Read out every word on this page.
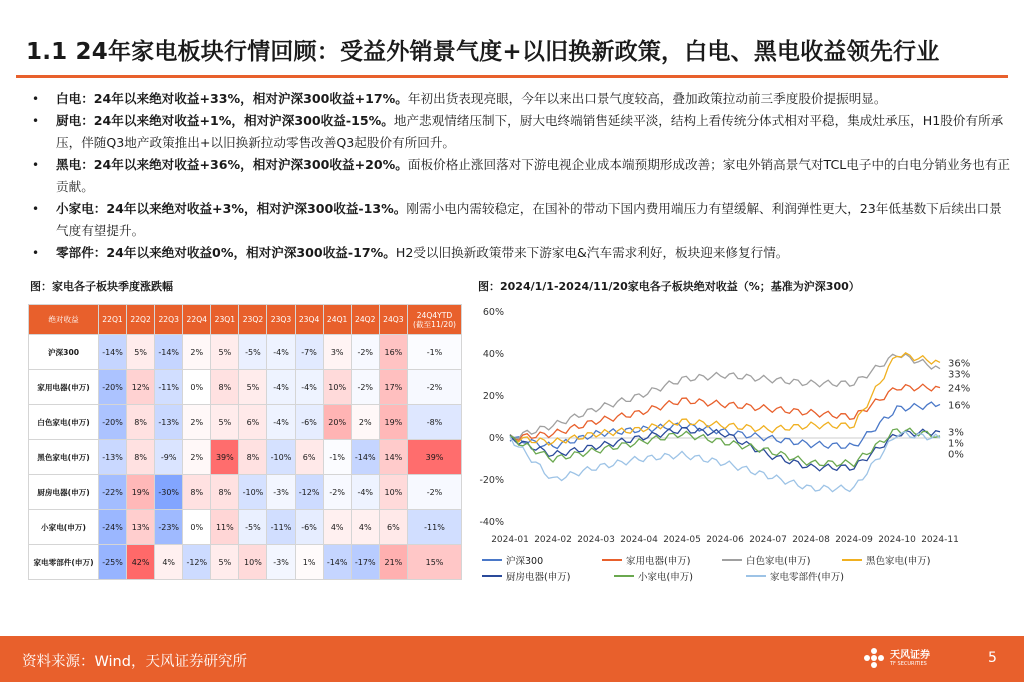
1.1 24年家电板块行情回顾：受益外销景气度+以旧换新政策，白电、黑电收益领先行业
• 白电：24年以来绝对收益+33%，相对沪深300收益+17%。年初出货表现亮眼，今年以来出口景气度较高，叠加政策拉动前三季度股价提振明显。
• 厨电：24年以来绝对收益+1%，相对沪深300收益-15%。地产悲观情绪压制下，厨大电终端销售延续平淡，结构上看传统分体式相对平稳，集成灶承压，H1股价有所承压，伴随Q3地产政策推出+以旧换新拉动零售改善Q3起股价有所回升。
• 黑电：24年以来绝对收益+36%，相对沪深300收益+20%。面板价格止涨回落对下游电视企业成本端预期形成改善；家电外销高景气对TCL电子中的白电分销业务也有正贡献。
• 小家电：24年以来绝对收益+3%，相对沪深300收益-13%。刚需小电内需较稳定，在国补的带动下国内费用端压力有望缓解、利润弹性更大，23年低基数下后续出口景气度有望提升。
• 零部件：24年以来绝对收益0%，相对沪深300收益-17%。H2受以旧换新政策带来下游家电&汽车需求利好，板块迎来修复行情。
图：家电各子板块季度涨跌幅	图：2024/1/1-2024/11/20家电各子板块绝对收益（%；基准为沪深300）
绝对收益	22Q1	22Q2	22Q3	22Q4	23Q1	23Q2	23Q3	23Q4	24Q1	24Q2	24Q3	24Q4YTD
(截至11/20)
沪深300	-14%	5%	-14%	2%	5%	-5%	-4%	-7%	3%	-2%	16%	-1%
家用电器(申万)	-20%	12%	-11%	0%	8%	5%	-4%	-4%	10%	-2%	17%	-2%
白色家电(申万)	-20%	8%	-13%	2%	5%	6%	-4%	-6%	20%	2%	19%	-8%
黑色家电(申万)	-13%	8%	-9%	2%	39%	8%	-10%	6%	-1%	-14%	14%	39%
厨房电器(申万)	-22%	19%	-30%	8%	8%	-10%	-3%	-12%	-2%	-4%	10%	-2%
小家电(申万)	-24%	13%	-23%	0%	11%	-5%	-11%	-6%	4%	4%	6%	-11%
家电零部件(申万)	-25%	42%	4%	-12%	5%	10%	-3%	1%	-14%	-17%	21%	15%
60%
40%
20%
0%
-20%
-40%
2024-01 2024-02 2024-03 2024-04 2024-05 2024-06 2024-07 2024-08 2024-09 2024-10 2024-11
36%
33%
24%
16%
3%
1%
0%
沪深300	家用电器(申万)	白色家电(申万)	黑色家电(申万)
厨房电器(申万)	小家电(申万)	家电零部件(申万)
资料来源：Wind，天风证券研究所	天风证券
TF SECURITIES	5
